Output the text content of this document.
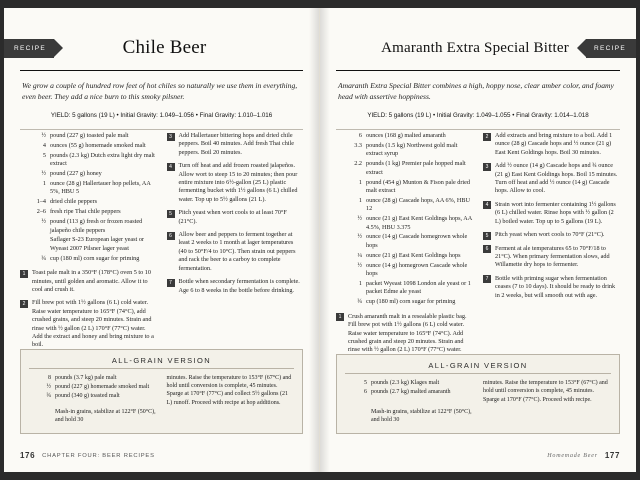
RECIPE	Chile Beer
We grow a couple of hundred row feet of hot chiles so naturally we use them in everything, even beer. They add a nice burn to this smoky pilsner.
YIELD: 5 gallons (19 L) • Initial Gravity: 1.049–1.056 • Final Gravity: 1.010–1.016
½ pound (227 g) toasted pale malt
4 ounces (55 g) homemade smoked malt
5 pounds (2.3 kg) Dutch extra light dry malt extract
½ pound (227 g) honey
1 ounce (28 g) Hallertauer hop pellets, AA 5%, HBU 5
1–4 dried chile peppers
2–6 fresh ripe Thai chile peppers
½ pound (113 g) fresh or frozen roasted jalapeño chile peppers
Saflager S-23 European lager yeast or Wyeast 2007 Pilsner lager yeast
¾ cup (180 ml) corn sugar for priming
1	Toast pale malt in a 350°F (178°C) oven 5 to 10 minutes, until golden and aromatic. Allow it to cool and crush it.
2	Fill brew pot with 1½ gallons (6 L) cold water. Raise water temperature to 165°F (74°C), add crushed grains, and steep 20 minutes. Strain and rinse with ½ gallon (2 L) 170°F (77°C) water. Add the extract and honey and bring mixture to a boil.
3	Add Hallertauer bittering hops and dried chile peppers. Boil 40 minutes. Add fresh Thai chile peppers. Boil 20 minutes.
4	Turn off heat and add frozen roasted jalapeños. Allow wort to steep 15 to 20 minutes; then pour entire mixture into 6½-gallon (25 L) plastic fermenting bucket with 1½ gallons (6 L) chilled water. Top up to 5½ gallons (21 L).
5	Pitch yeast when wort cools to at least 70°F (21°C).
6	Allow beer and peppers to ferment together at least 2 weeks to 1 month at lager temperatures (40 to 50°F/4 to 10°C). Then strain out peppers and rack the beer to a carboy to complete fermentation.
7	Bottle when secondary fermentation is complete. Age 6 to 8 weeks in the bottle before drinking.
ALL-GRAIN VERSION
8 pounds (3.7 kg) pale malt
½ pound (227 g) homemade smoked malt
¾ pound (340 g) toasted malt
Mash-in grains, stabilize at 122°F (50°C), and hold 30
minutes. Raise the temperature to 153°F (67°C) and hold until conversion is complete, 45 minutes. Sparge at 170°F (77°C) and collect 5½ gallons (21 L) runoff. Proceed with recipe at hop additions.
176 CHAPTER FOUR: BEER RECIPES
Amaranth Extra Special Bitter	RECIPE
Amaranth Extra Special Bitter combines a high, hoppy nose, clear amber color, and foamy head with assertive hoppiness.
YIELD: 5 gallons (19 L) • Initial Gravity: 1.049–1.055 • Final Gravity: 1.014–1.018
6 ounces (168 g) malted amaranth
3.3 pounds (1.5 kg) Northwest gold malt extract syrup
2.2 pounds (1 kg) Premier pale hopped malt extract
1 pound (454 g) Munton & Fison pale dried malt extract
1 ounce (28 g) Cascade hops, AA 6%, HBU 12
½ ounce (21 g) East Kent Goldings hops, AA 4.5%, HBU 3.375
½ ounce (14 g) Cascade homegrown whole hops
¼ ounce (21 g) East Kent Goldings hops
½ ounce (14 g) homegrown Cascade whole hops
1 packet Wyeast 1098 London ale yeast or 1 packet Edme ale yeast
¾ cup (180 ml) corn sugar for priming
1	Crush amaranth malt in a resealable plastic bag. Fill brew pot with 1½ gallons (6 L) cold water. Raise water temperature to 165°F (74°C). Add crushed grain and steep 20 minutes. Strain and rinse with ½ gallon (2 L) 170°F (77°C) water.
2	Add extracts and bring mixture to a boil. Add 1 ounce (28 g) Cascade hops and ½ ounce (21 g) East Kent Goldings hops. Boil 30 minutes.
3	Add ½ ounce (14 g) Cascade hops and ¾ ounce (21 g) East Kent Goldings hops. Boil 15 minutes. Turn off heat and add ½ ounce (14 g) Cascade hops. Allow to cool.
4	Strain wort into fermenter containing 1½ gallons (6 L) chilled water. Rinse hops with ½ gallon (2 L) boiled water. Top up to 5 gallons (19 L).
5	Pitch yeast when wort cools to 70°F (21°C).
6	Ferment at ale temperatures 65 to 70°F/18 to 21°C). When primary fermentation slows, add Willamette dry hops to fermenter.
7	Bottle with priming sugar when fermentation ceases (7 to 10 days). It should be ready to drink in 2 weeks, but will smooth out with age.
ALL-GRAIN VERSION
5 pounds (2.3 kg) Klages malt
6 pounds (2.7 kg) malted amaranth
Mash-in grains, stabilize at 122°F (50°C), and hold 30
minutes. Raise the temperature to 153°F (67°C) and hold until conversion is complete, 45 minutes. Sparge at 170°F (77°C). Proceed with recipe.
Homemade Beer 177
